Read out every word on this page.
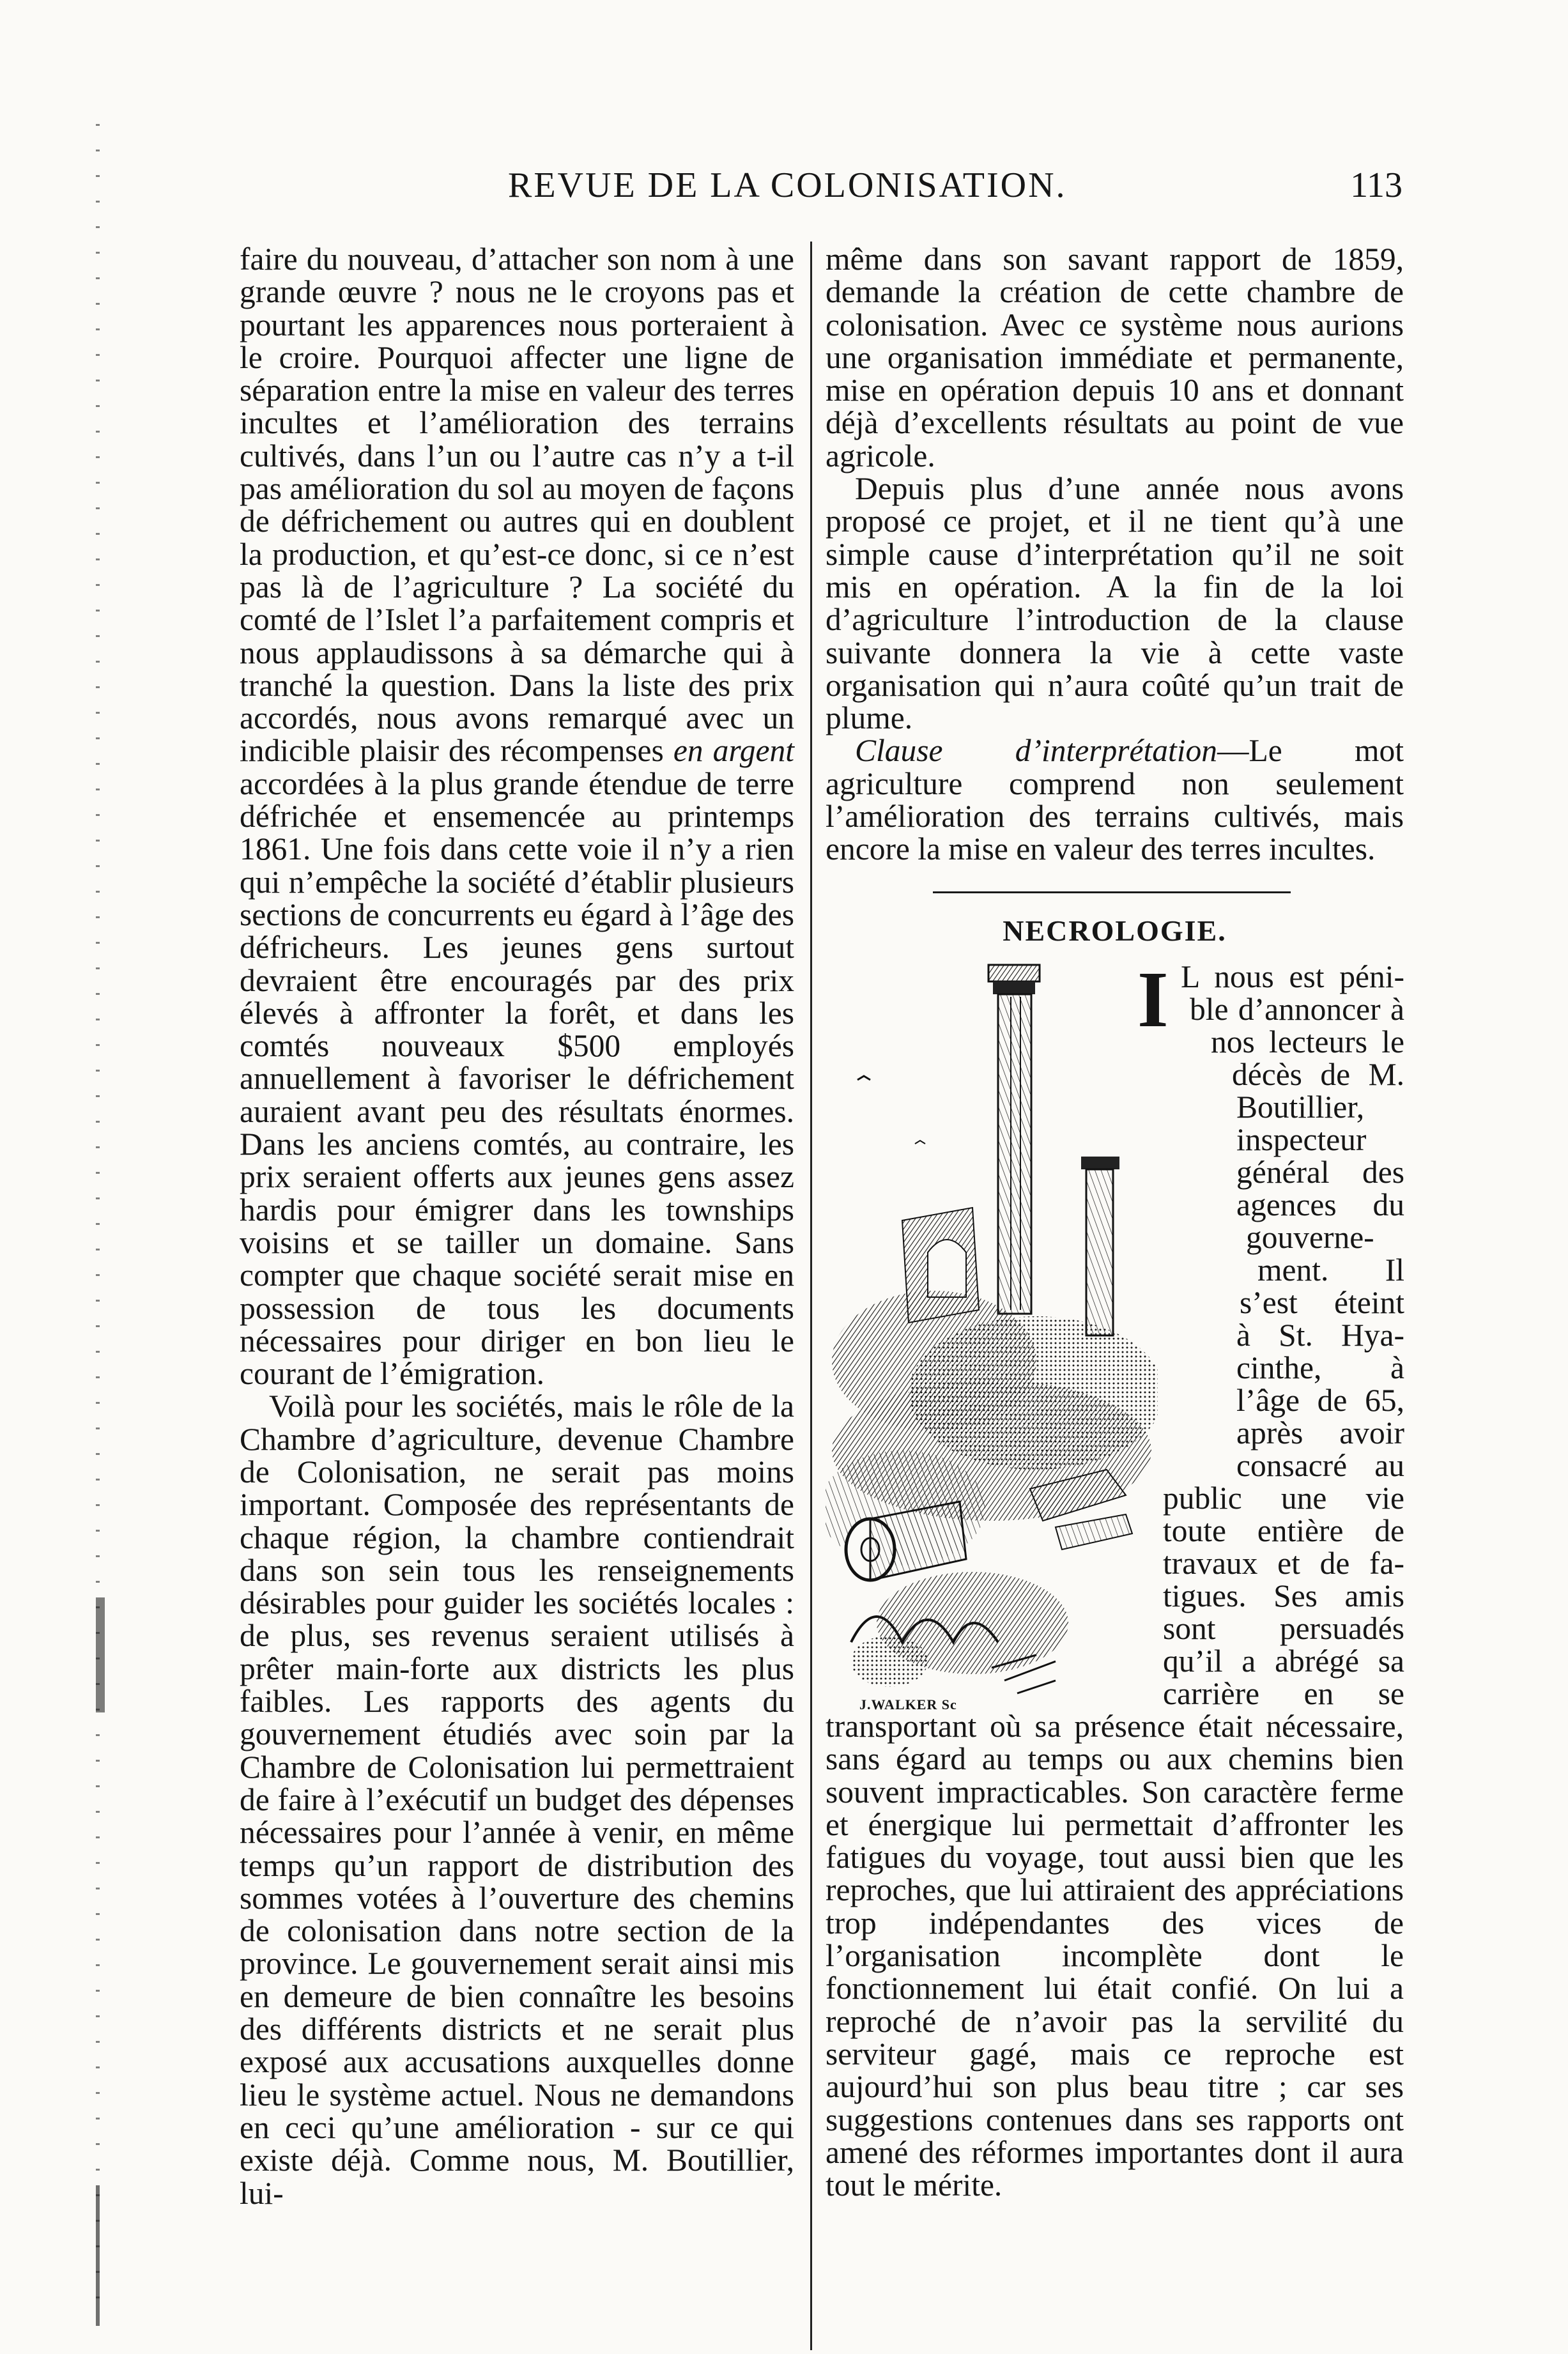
REVUE DE LA COLONISATION.	113

faire du nouveau, d’attacher son nom à une grande œuvre ? nous ne le croyons pas et pourtant les apparences nous porteraient à le croire. Pourquoi affecter une ligne de séparation entre la mise en valeur des terres incultes et l’amélioration des terrains cultivés, dans l’un ou l’autre cas n’y a t-il pas amélioration du sol au moyen de façons de défrichement ou autres qui en doublent la production, et qu’est-ce donc, si ce n’est pas là de l’agriculture ? La société du comté de l’Islet l’a parfaitement compris et nous applaudissons à sa démarche qui à tranché la question. Dans la liste des prix accordés, nous avons remarqué avec un indicible plaisir des récompenses en argent accordées à la plus grande étendue de terre défrichée et ensemencée au printemps 1861. Une fois dans cette voie il n’y a rien qui n’empêche la société d’établir plusieurs sections de concurrents eu égard à l’âge des défricheurs. Les jeunes gens surtout devraient être encouragés par des prix élevés à affronter la forêt, et dans les comtés nouveaux $500 employés annuellement à favoriser le défrichement auraient avant peu des résultats énormes. Dans les anciens comtés, au contraire, les prix seraient offerts aux jeunes gens assez hardis pour émigrer dans les townships voisins et se tailler un domaine. Sans compter que chaque société serait mise en possession de tous les documents nécessaires pour diriger en bon lieu le courant de l’émigration.

Voilà pour les sociétés, mais le rôle de la Chambre d’agriculture, devenue Chambre de Colonisation, ne serait pas moins important. Composée des représentants de chaque région, la chambre contiendrait dans son sein tous les renseignements désirables pour guider les sociétés locales : de plus, ses revenus seraient utilisés à prêter main-forte aux districts les plus faibles. Les rapports des agents du gouvernement étudiés avec soin par la Chambre de Colonisation lui permettraient de faire à l’exécutif un budget des dépenses nécessaires pour l’année à venir, en même temps qu’un rapport de distribution des sommes votées à l’ouverture des chemins de colonisation dans notre section de la province. Le gouvernement serait ainsi mis en demeure de bien connaître les besoins des différents districts et ne serait plus exposé aux accusations auxquelles donne lieu le système actuel. Nous ne demandons en ceci qu’une amélioration - sur ce qui existe déjà. Comme nous, M. Boutillier, lui-

même dans son savant rapport de 1859, demande la création de cette chambre de colonisation. Avec ce système nous aurions une organisation immédiate et permanente, mise en opération depuis 10 ans et donnant déjà d’excellents résultats au point de vue agricole.

Depuis plus d’une année nous avons proposé ce projet, et il ne tient qu’à une simple cause d’interprétation qu’il ne soit mis en opération. A la fin de la loi d’agriculture l’introduction de la clause suivante donnera la vie à cette vaste organisation qui n’aura coûté qu’un trait de plume.

Clause d’interprétation—Le mot agriculture comprend non seulement l’amélioration des terrains cultivés, mais encore la mise en valeur des terres incultes.

NECROLOGIE.
J.WALKER Sc
I L nous est péni-
ble d’annoncer à
nos lecteurs le
décès de M.
Boutillier,
inspecteur
général des
agences du
gouverne-
ment. Il
s’est éteint
à St. Hya-
cinthe, à
l’âge de 65,
après avoir
consacré au
public une vie
toute entière de
travaux et de fa-
tigues. Ses amis
sont persuadés
qu’il a abrégé sa
carrière en se
transportant où sa présence était nécessaire, sans égard au temps ou aux chemins bien souvent impracticables. Son caractère ferme et énergique lui permettait d’affronter les fatigues du voyage, tout aussi bien que les reproches, que lui attiraient des appréciations trop indépendantes des vices de l’organisation incomplète dont le fonctionnement lui était confié. On lui a reproché de n’avoir pas la servilité du serviteur gagé, mais ce reproche est aujourd’hui son plus beau titre ; car ses suggestions contenues dans ses rapports ont amené des réformes importantes dont il aura tout le mérite.
